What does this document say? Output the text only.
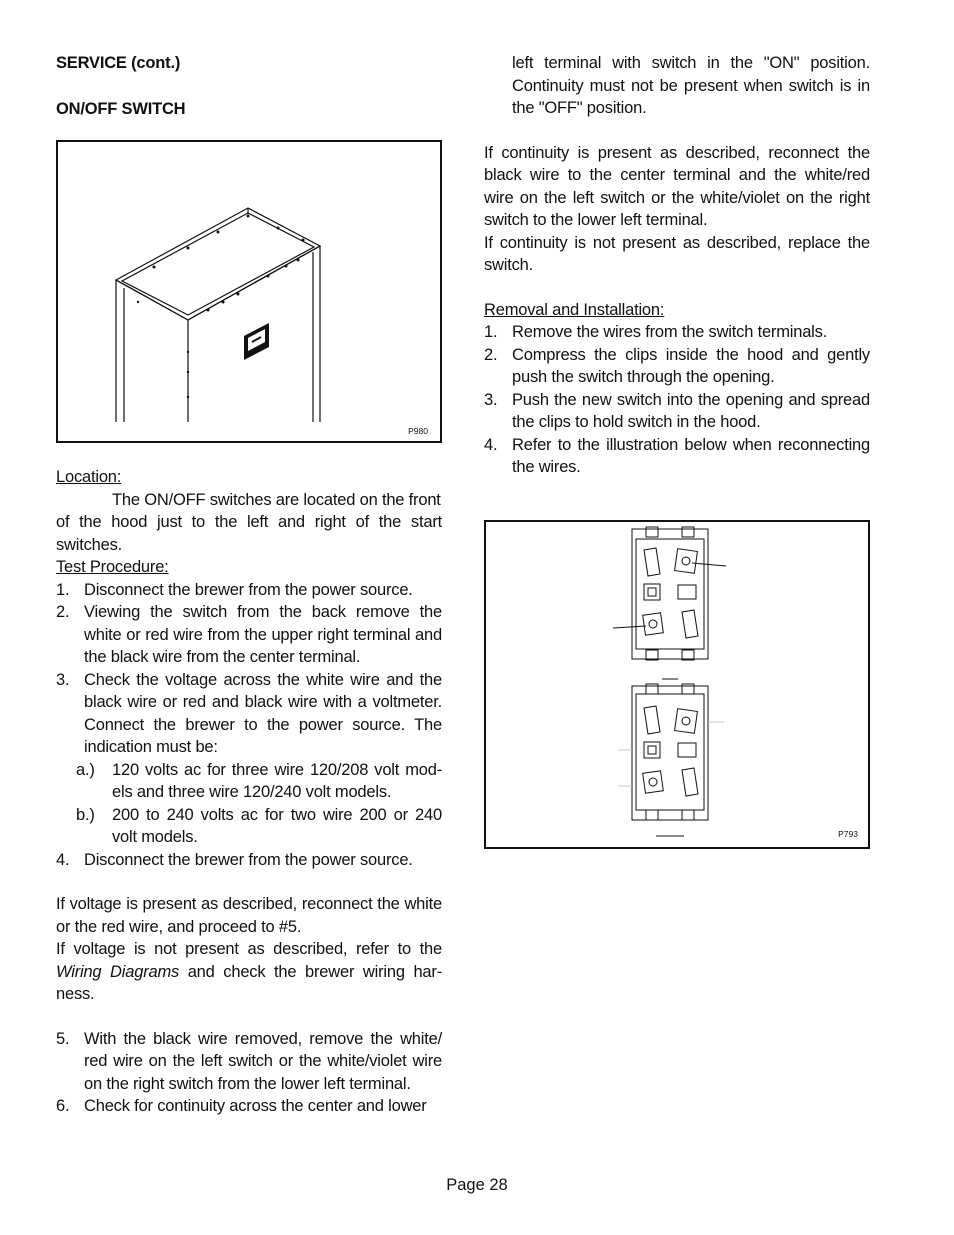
SERVICE (cont.)

ON/OFF SWITCH

P980

Location:

The ON/OFF switches are located on the front

of the hood just to the left and right of the start switches.

Test Procedure:

1. Disconnect the brewer from the power source.
2. Viewing the switch from the back remove the white or red wire from the upper right terminal and the black wire from the center terminal.
3. Check the voltage across the white wire and the black wire or red and black wire with a voltmeter. Connect the brewer to the power source. The indication must be:
a.)	120 volts ac for three wire 120/208 volt mod-els and three wire 120/240 volt models.
b.)	200 to 240 volts ac for two wire 200 or 240 volt models.
4. Disconnect the brewer from the power source.

If voltage is present as described, reconnect the white or the red wire, and proceed to #5.

If voltage is not present as described, refer to the Wiring Diagrams and check the brewer wiring har-ness.

5. With the black wire removed, remove the white/ red wire on the left switch or the white/violet wire on the right switch from the lower left terminal.
6. Check for continuity across the center and lower

left terminal with switch in the "ON" position. Continuity must not be present when switch is in the "OFF" position.

If continuity is present as described, reconnect the black wire to the center terminal and the white/red wire on the left switch or the white/violet on the right switch to the lower left terminal.

If continuity is not present as described, replace the switch.

Removal and Installation:

1. Remove the wires from the switch terminals.
2. Compress the clips inside the hood and gently push the switch through the opening.
3. Push the new switch into the opening and spread the clips to hold switch in the hood.
4. Refer to the illustration below when reconnecting the wires.
P793
Page 28
